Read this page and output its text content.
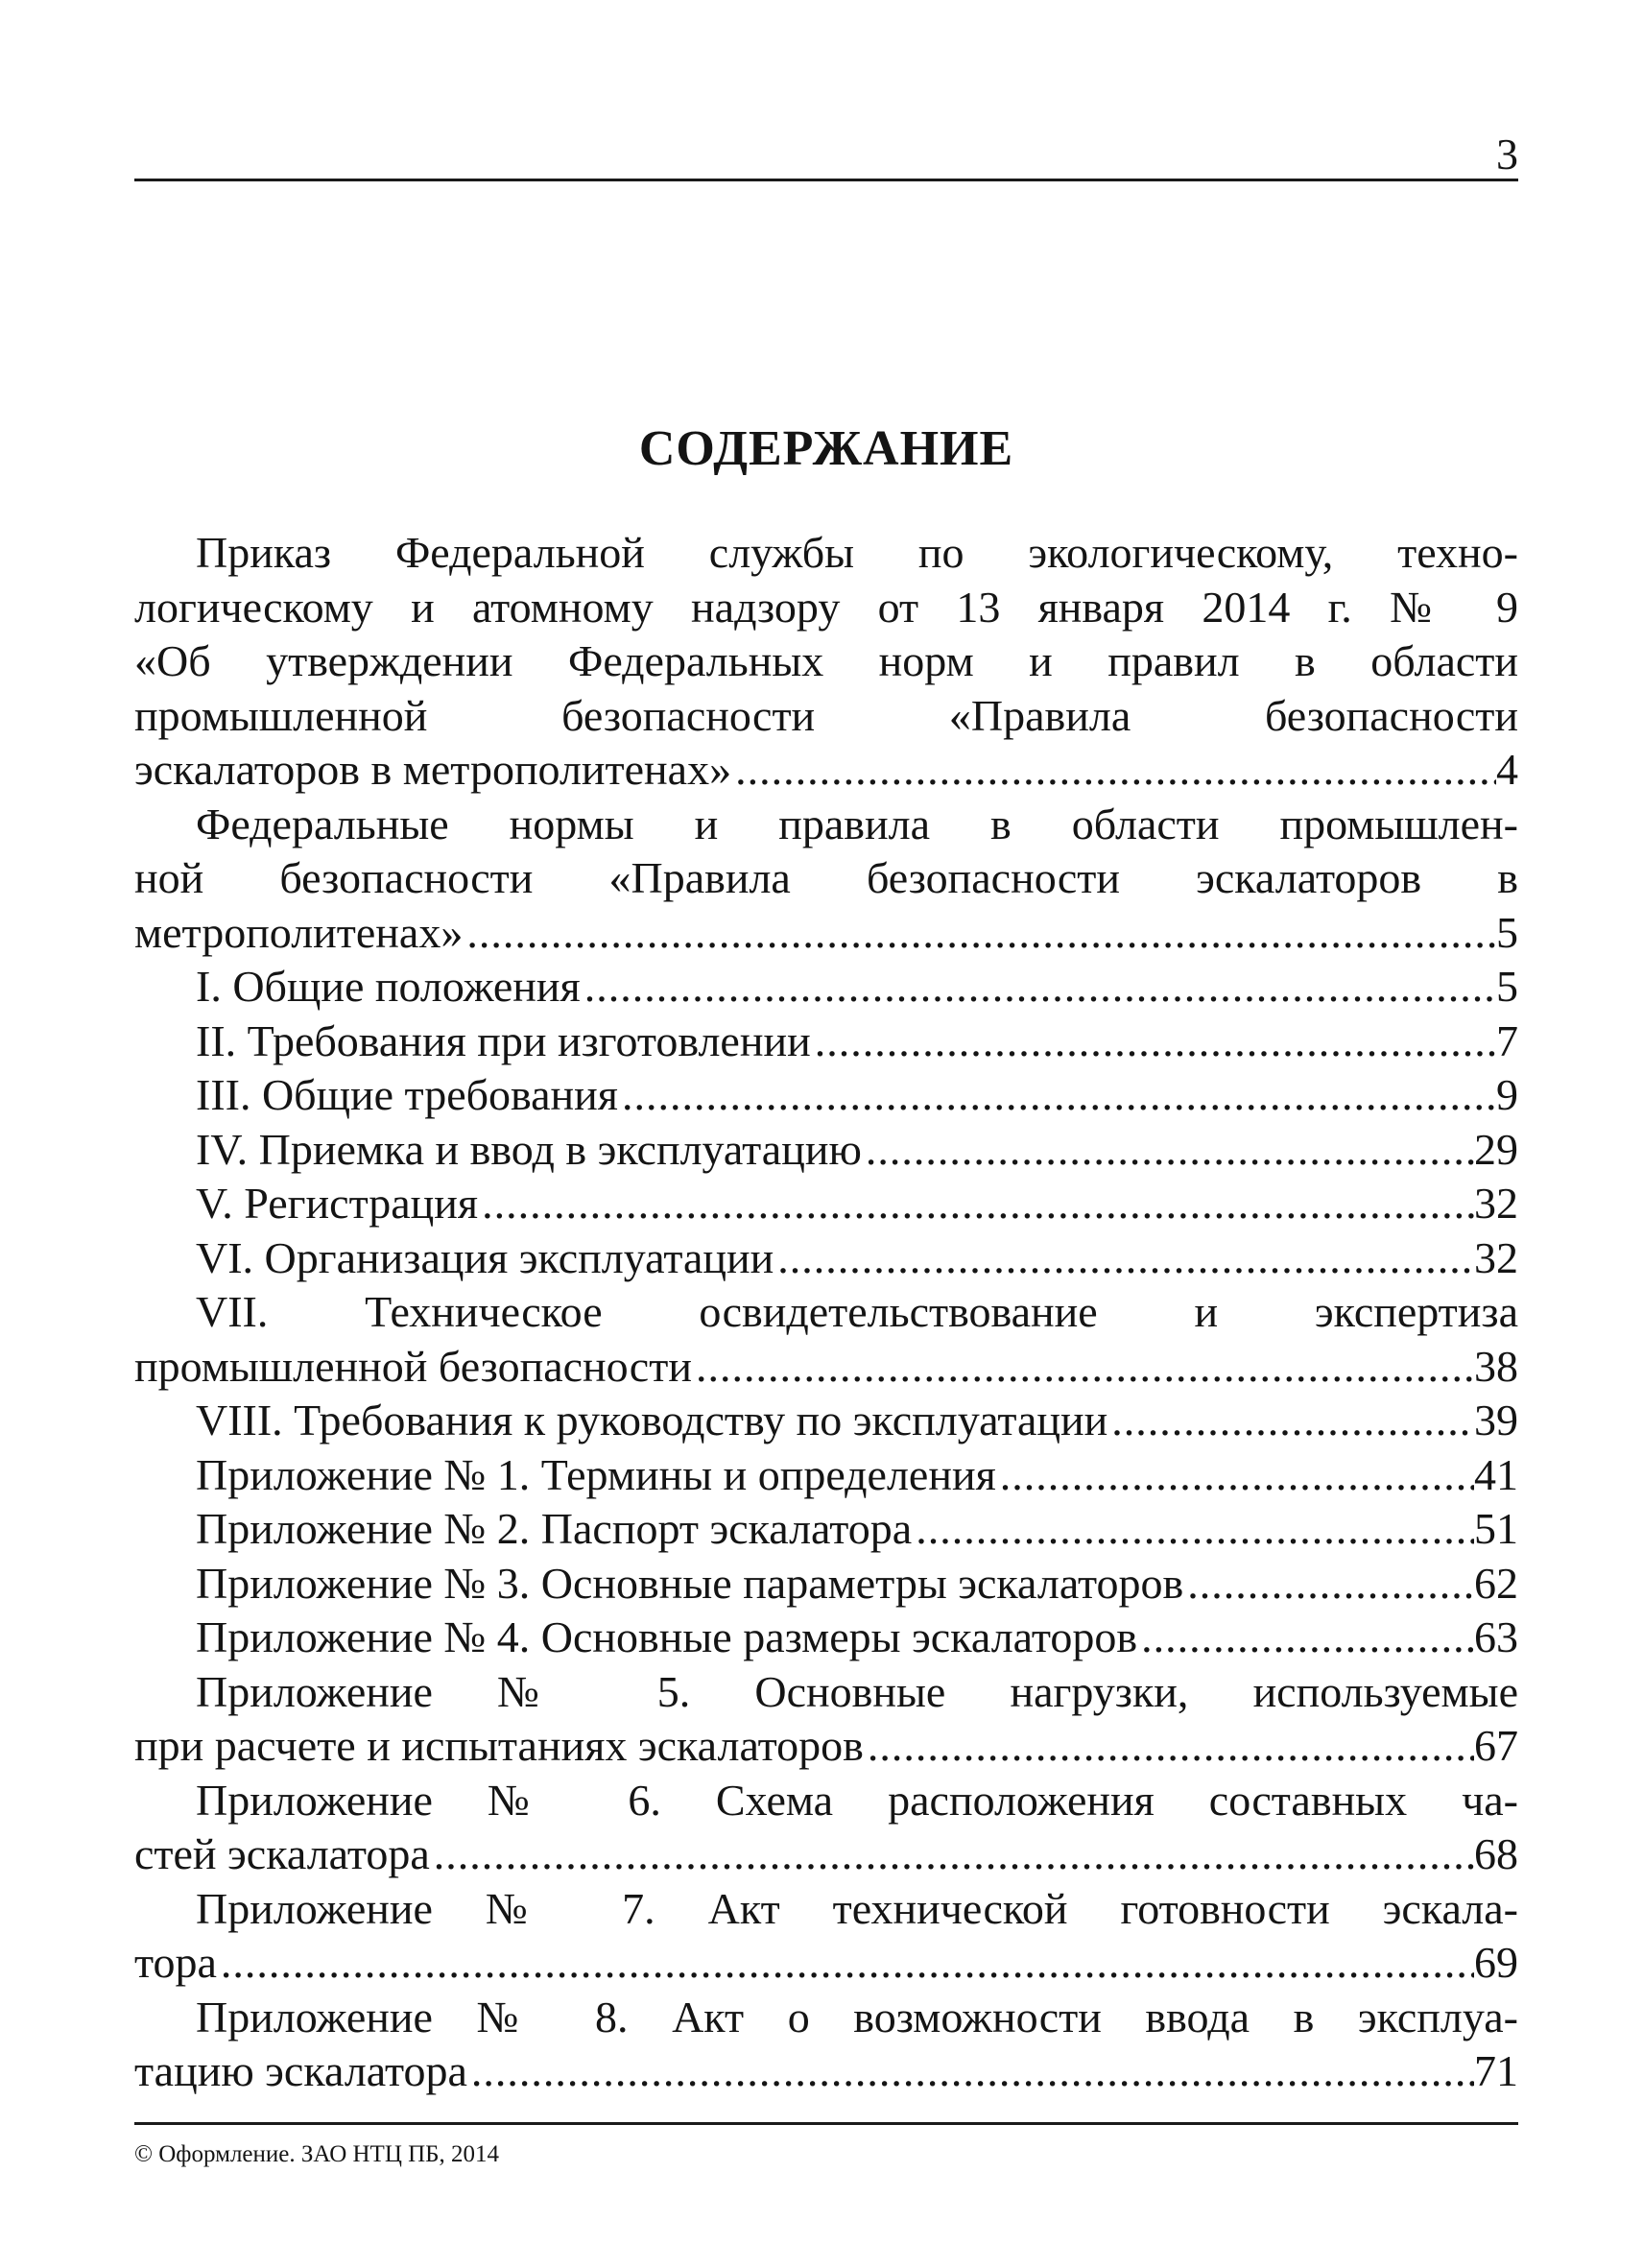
3
СОДЕРЖАНИЕ
Приказ Федеральной службы по экологическому, техно-
логическому и атомному надзору от 13 января 2014 г. № 9
«Об утверждении Федеральных норм и правил в области
промышленной безопасности «Правила безопасности
эскалаторов в метрополитенах» .....	4
Федеральные нормы и правила в области промышлен-
ной безопасности «Правила безопасности эскалаторов в
метрополитенах» .....	5
I. Общие положения .....	5
II. Требования при изготовлении .....	7
III. Общие требования .....	9
IV. Приемка и ввод в эксплуатацию .....	29
V. Регистрация .....	32
VI. Организация эксплуатации .....	32
VII. Техническое освидетельствование и экспертиза
промышленной безопасности .....	38
VIII. Требования к руководству по эксплуатации .....	39
Приложение № 1. Термины и определения .....	41
Приложение № 2. Паспорт эскалатора .....	51
Приложение № 3. Основные параметры эскалаторов .....	62
Приложение № 4. Основные размеры эскалаторов .....	63
Приложение № 5. Основные нагрузки, используемые
при расчете и испытаниях эскалаторов .....	67
Приложение № 6. Схема расположения составных ча-
стей эскалатора .....	68
Приложение № 7. Акт технической готовности эскала-
тора .....	69
Приложение № 8. Акт о возможности ввода в эксплуа-
тацию эскалатора .....	71
© Оформление. ЗАО НТЦ ПБ, 2014
